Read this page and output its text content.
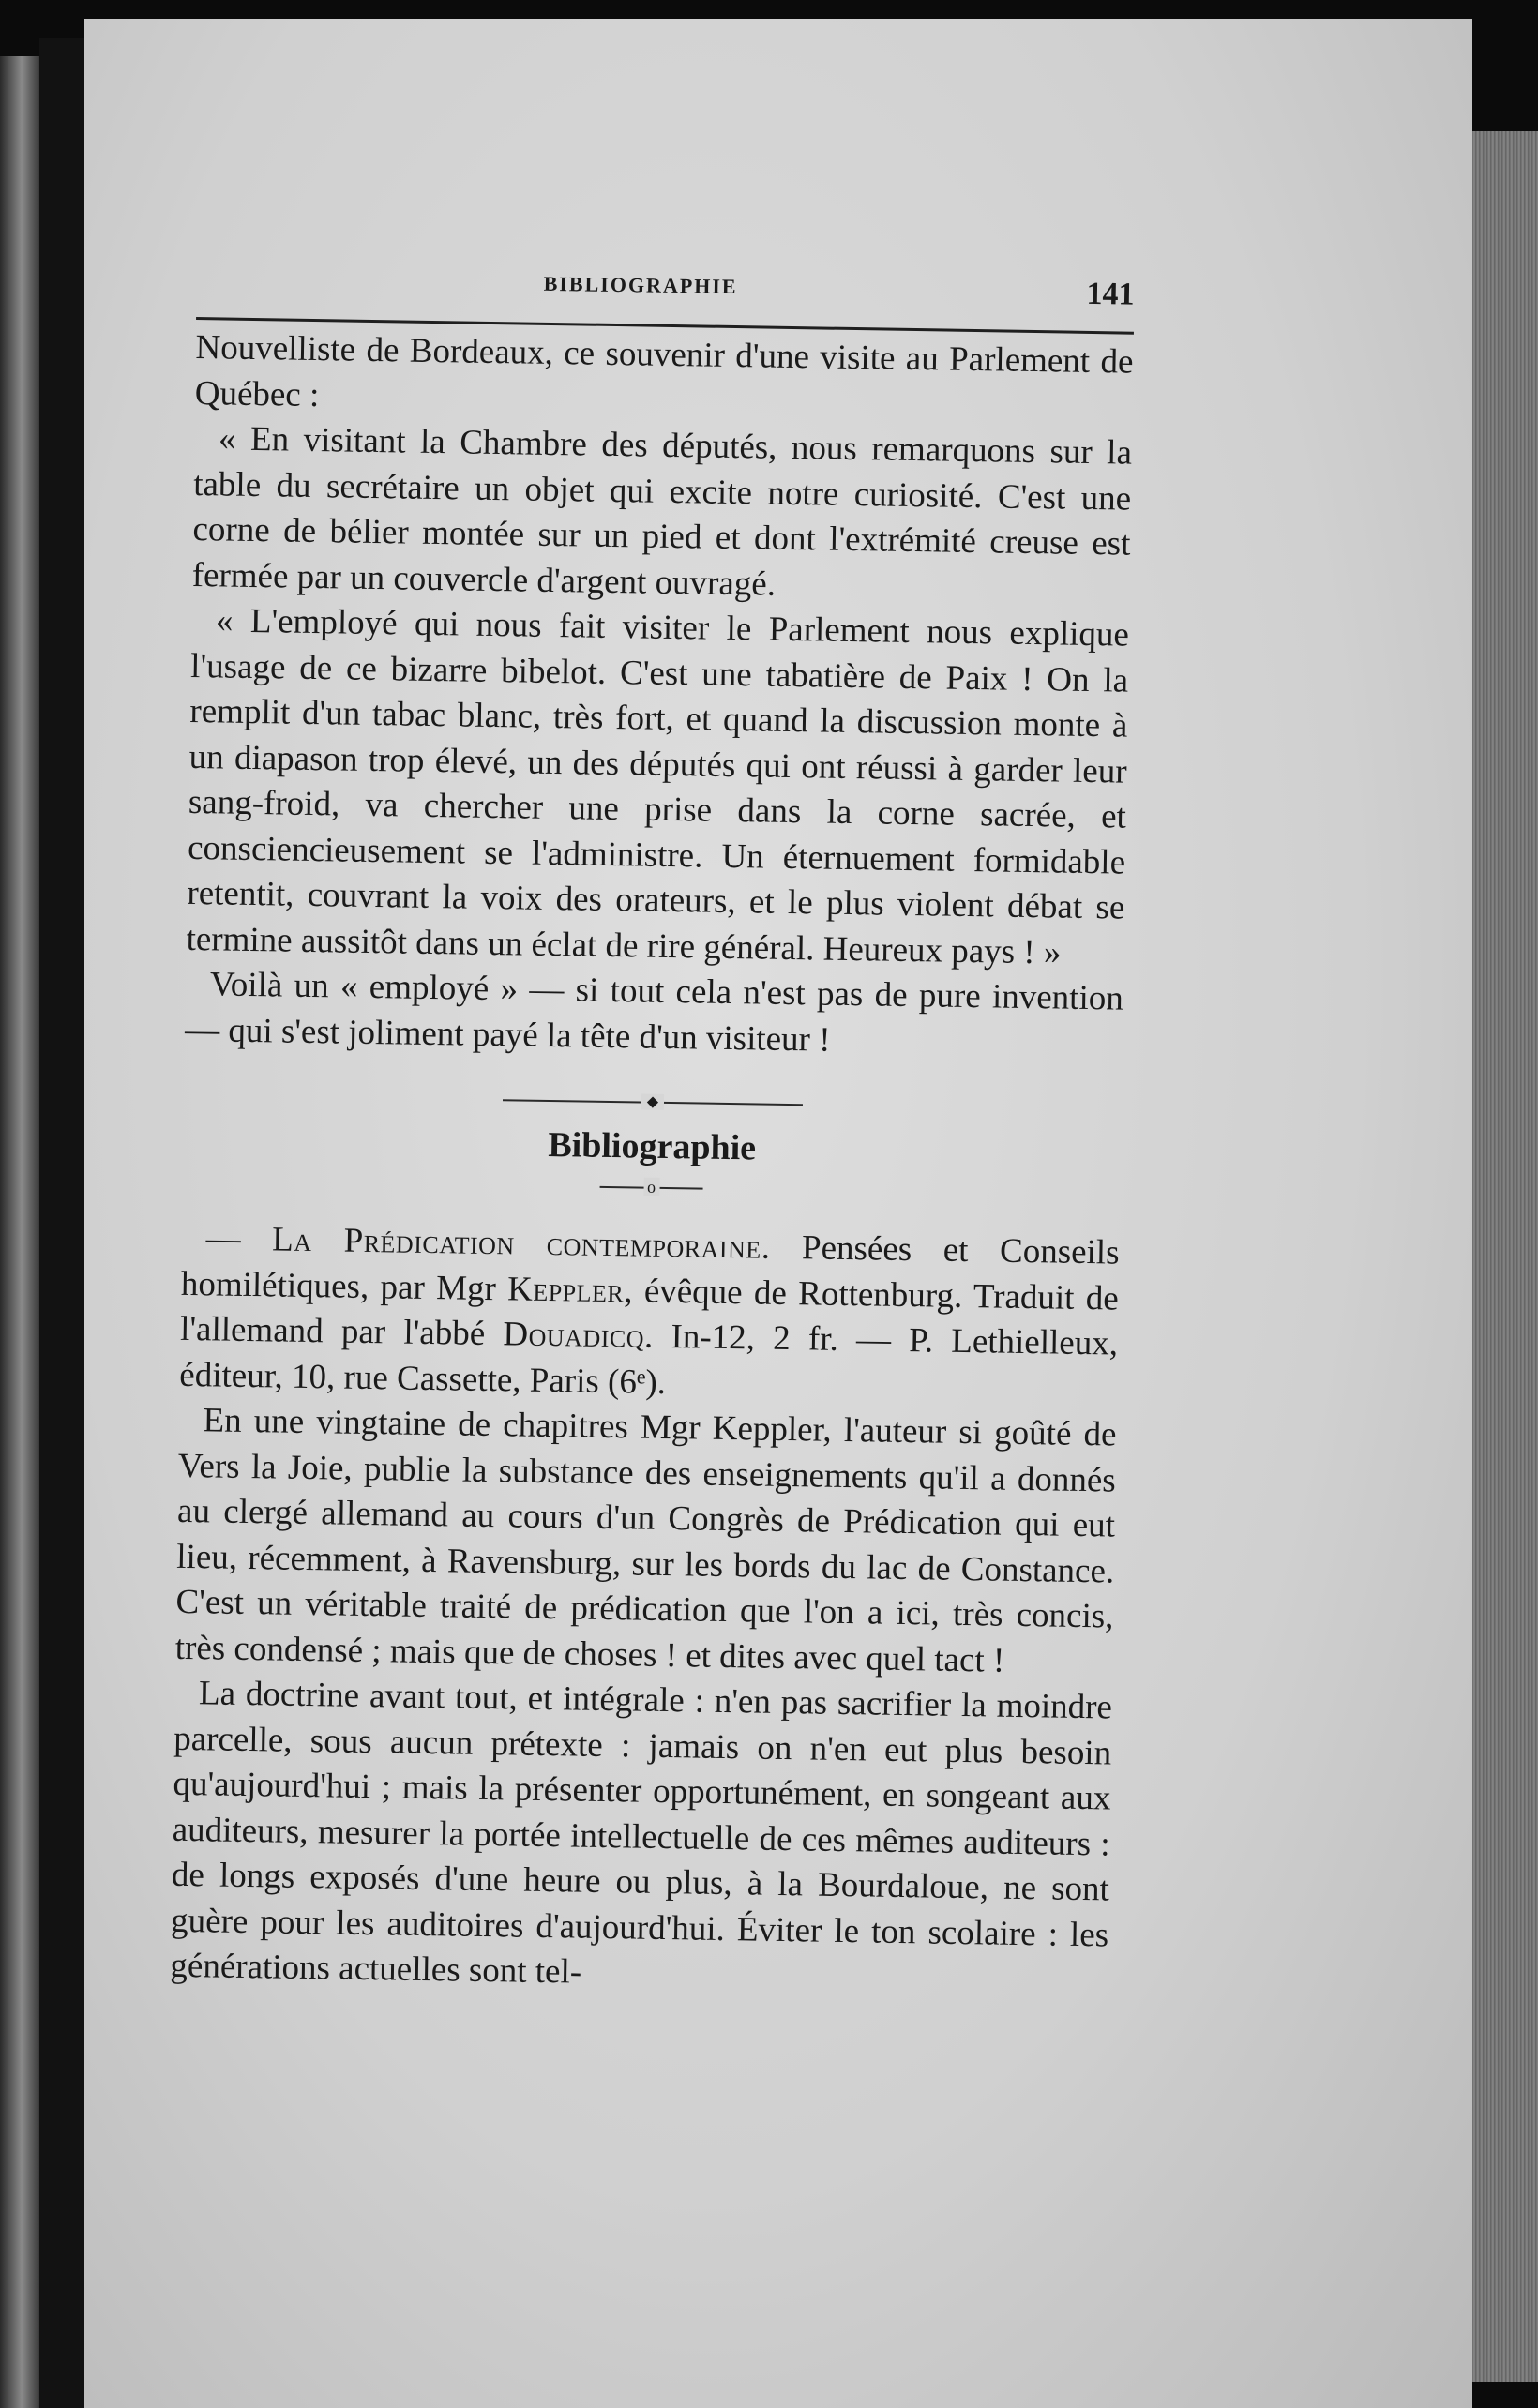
BIBLIOGRAPHIE	141

Nouvelliste de Bordeaux, ce souvenir d'une visite au Parlement de Québec :

« En visitant la Chambre des députés, nous remarquons sur la table du secrétaire un objet qui excite notre curiosité. C'est une corne de bélier montée sur un pied et dont l'extrémité creuse est fermée par un couvercle d'argent ouvragé.

« L'employé qui nous fait visiter le Parlement nous explique l'usage de ce bizarre bibelot. C'est une tabatière de Paix ! On la remplit d'un tabac blanc, très fort, et quand la discussion monte à un diapason trop élevé, un des députés qui ont réussi à garder leur sang-froid, va chercher une prise dans la corne sacrée, et consciencieusement se l'administre. Un éternuement formidable retentit, couvrant la voix des orateurs, et le plus violent débat se termine aussitôt dans un éclat de rire général. Heureux pays ! »

Voilà un « employé » — si tout cela n'est pas de pure invention — qui s'est joliment payé la tête d'un visiteur !

◆
Bibliographie
o

— La Prédication contemporaine. Pensées et Conseils homilétiques, par Mgr Keppler, évêque de Rottenburg. Traduit de l'allemand par l'abbé Douadicq. In-12, 2 fr. — P. Lethielleux, éditeur, 10, rue Cassette, Paris (6ᵉ).

En une vingtaine de chapitres Mgr Keppler, l'auteur si goûté de Vers la Joie, publie la substance des enseignements qu'il a donnés au clergé allemand au cours d'un Congrès de Prédication qui eut lieu, récemment, à Ravensburg, sur les bords du lac de Constance. C'est un véritable traité de prédication que l'on a ici, très concis, très condensé ; mais que de choses ! et dites avec quel tact !

La doctrine avant tout, et intégrale : n'en pas sacrifier la moindre parcelle, sous aucun prétexte : jamais on n'en eut plus besoin qu'aujourd'hui ; mais la présenter opportunément, en songeant aux auditeurs, mesurer la portée intellectuelle de ces mêmes auditeurs : de longs exposés d'une heure ou plus, à la Bourdaloue, ne sont guère pour les auditoires d'aujourd'hui. Éviter le ton scolaire : les générations actuelles sont tel-
